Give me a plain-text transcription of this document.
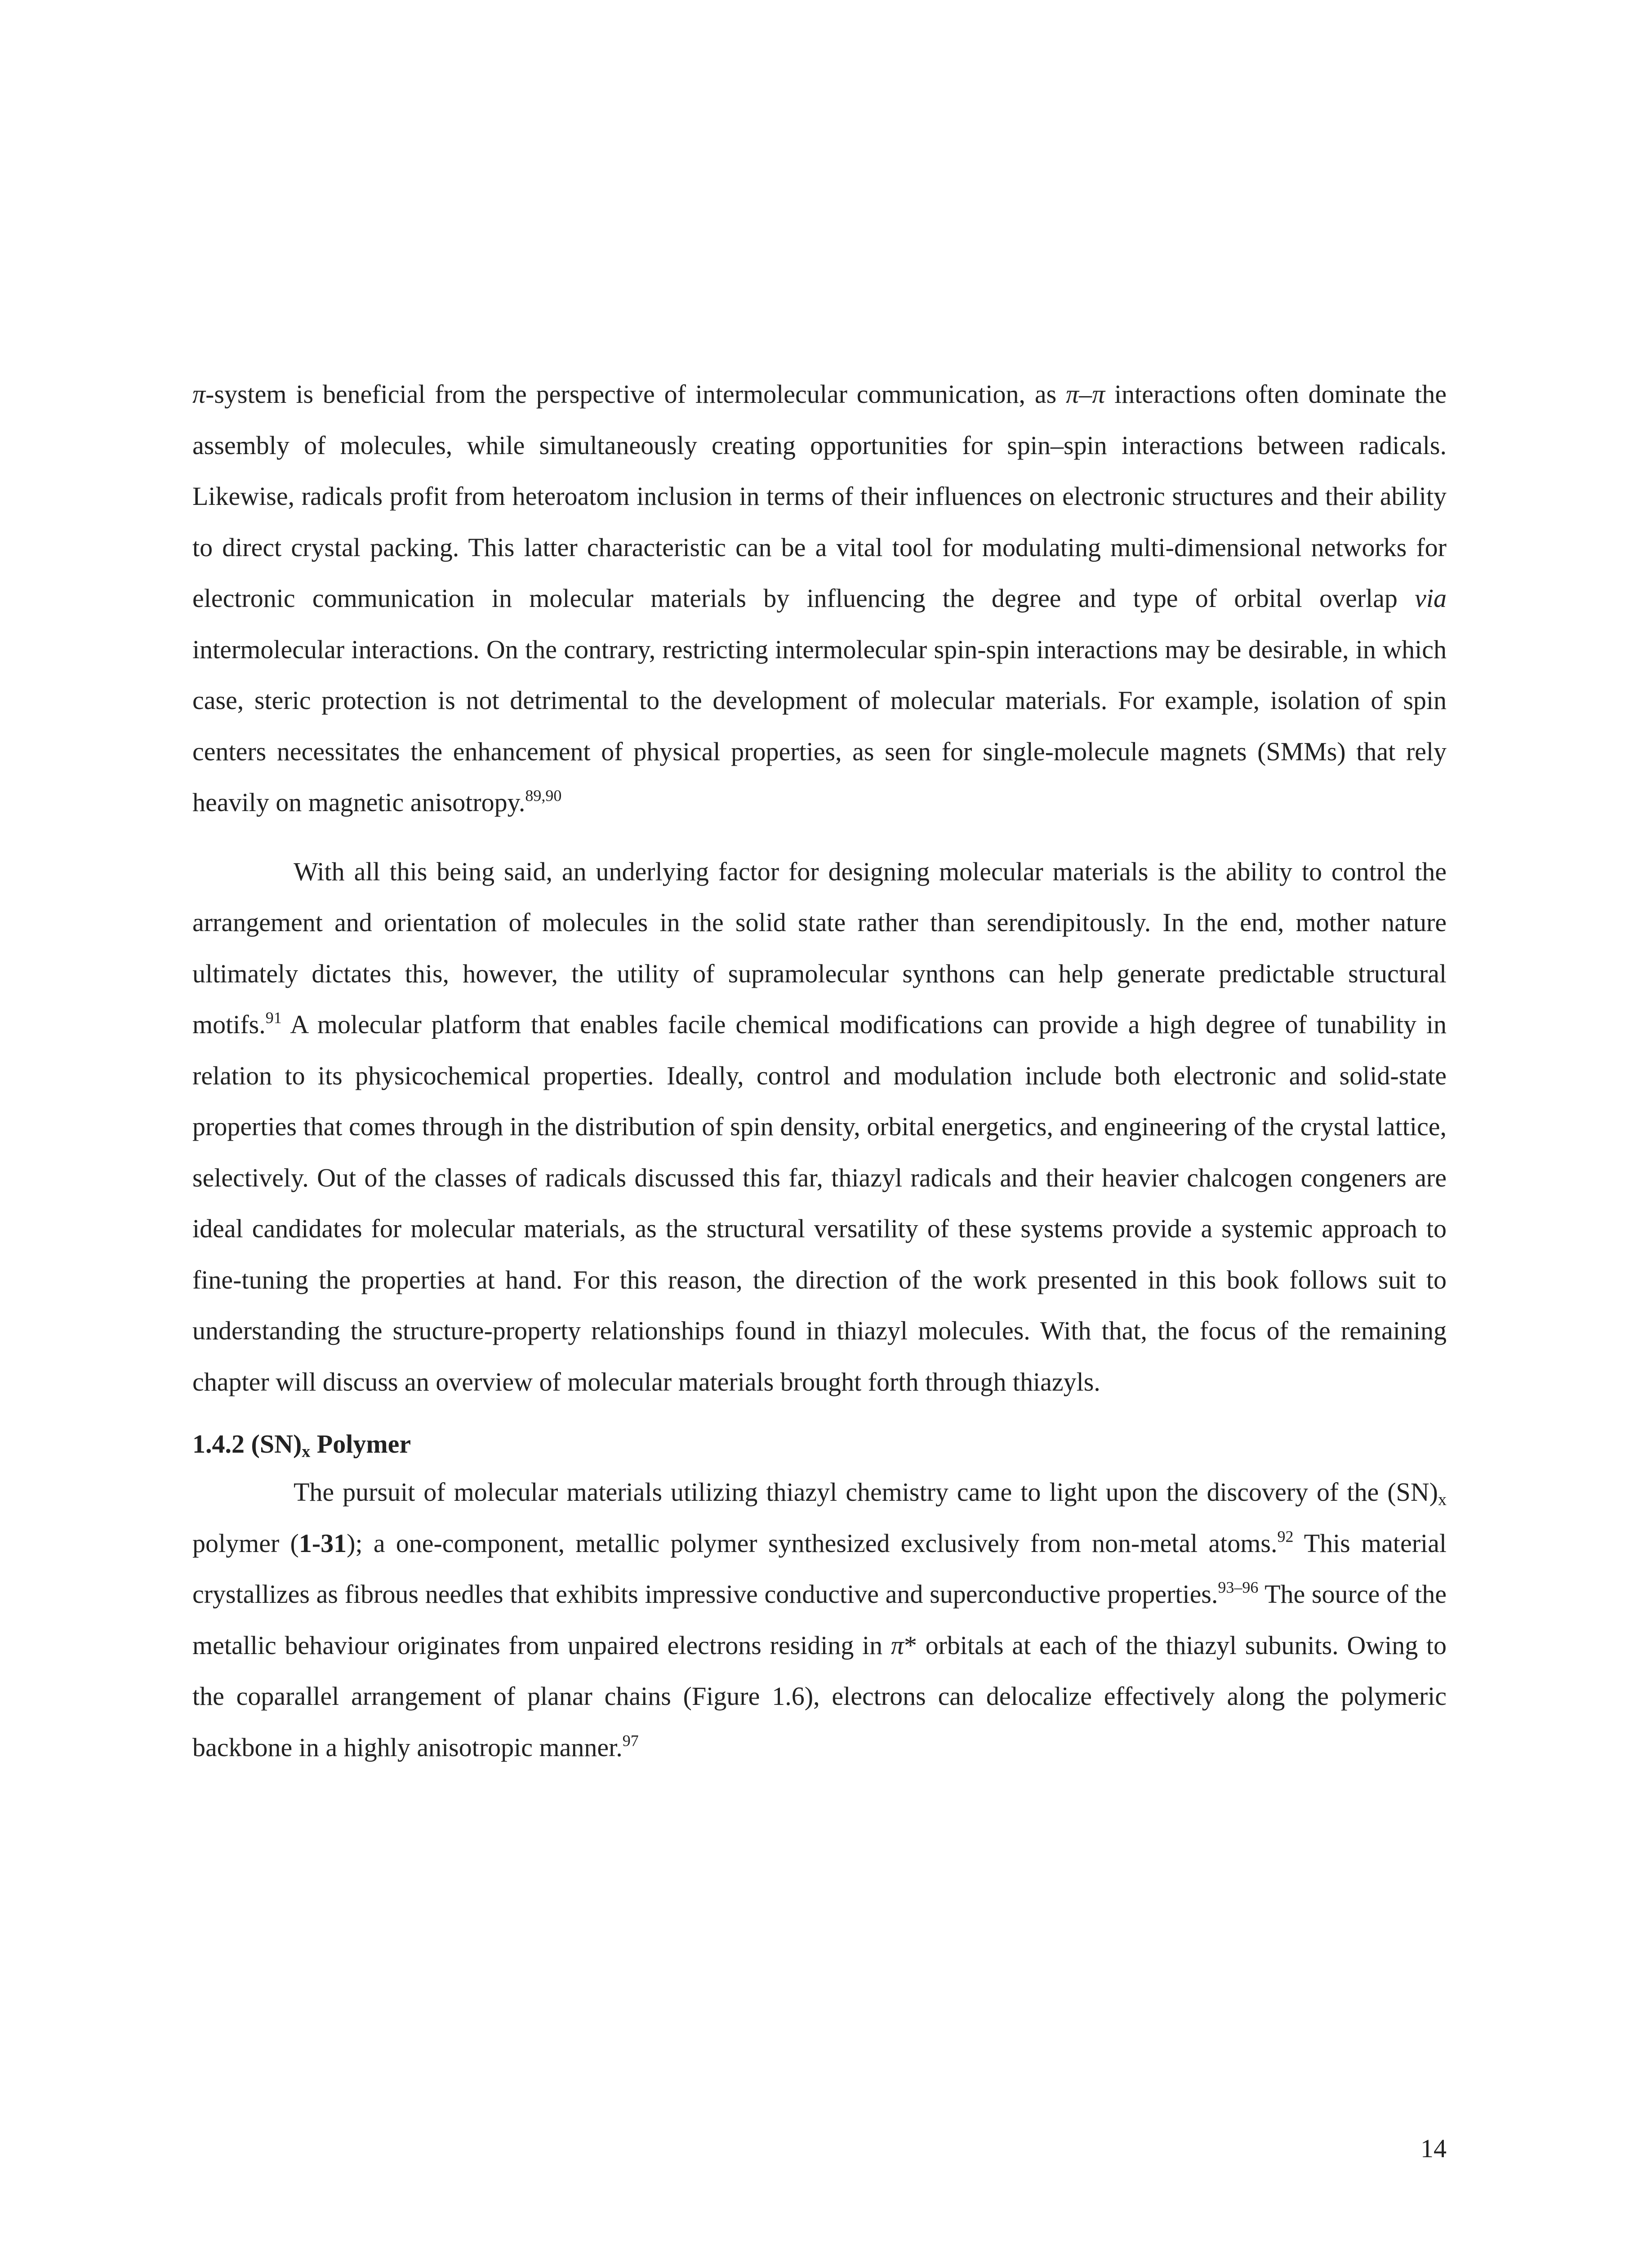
π-system is beneficial from the perspective of intermolecular communication, as π–π interactions often dominate the assembly of molecules, while simultaneously creating opportunities for spin–spin interactions between radicals. Likewise, radicals profit from heteroatom inclusion in terms of their influences on electronic structures and their ability to direct crystal packing. This latter characteristic can be a vital tool for modulating multi-dimensional networks for electronic communication in molecular materials by influencing the degree and type of orbital overlap via intermolecular interactions. On the contrary, restricting intermolecular spin-spin interactions may be desirable, in which case, steric protection is not detrimental to the development of molecular materials. For example, isolation of spin centers necessitates the enhancement of physical properties, as seen for single-molecule magnets (SMMs) that rely heavily on magnetic anisotropy.$^{89,90}$

With all this being said, an underlying factor for designing molecular materials is the ability to control the arrangement and orientation of molecules in the solid state rather than serendipitously. In the end, mother nature ultimately dictates this, however, the utility of supramolecular synthons can help generate predictable structural motifs.$^{91}$ A molecular platform that enables facile chemical modifications can provide a high degree of tunability in relation to its physicochemical properties. Ideally, control and modulation include both electronic and solid-state properties that comes through in the distribution of spin density, orbital energetics, and engineering of the crystal lattice, selectively. Out of the classes of radicals discussed this far, thiazyl radicals and their heavier chalcogen congeners are ideal candidates for molecular materials, as the structural versatility of these systems provide a systemic approach to fine-tuning the properties at hand. For this reason, the direction of the work presented in this book follows suit to understanding the structure-property relationships found in thiazyl molecules. With that, the focus of the remaining chapter will discuss an overview of molecular materials brought forth through thiazyls.

1.4.2 $(SN)_x$ Polymer

The pursuit of molecular materials utilizing thiazyl chemistry came to light upon the discovery of the $(SN)_x$ polymer (1-31); a one-component, metallic polymer synthesized exclusively from non-metal atoms.$^{92}$ This material crystallizes as fibrous needles that exhibits impressive conductive and superconductive properties.$^{93-96}$ The source of the metallic behaviour originates from unpaired electrons residing in π* orbitals at each of the thiazyl subunits. Owing to the coparallel arrangement of planar chains (Figure 1.6), electrons can delocalize effectively along the polymeric backbone in a highly anisotropic manner.$^{97}$

14
